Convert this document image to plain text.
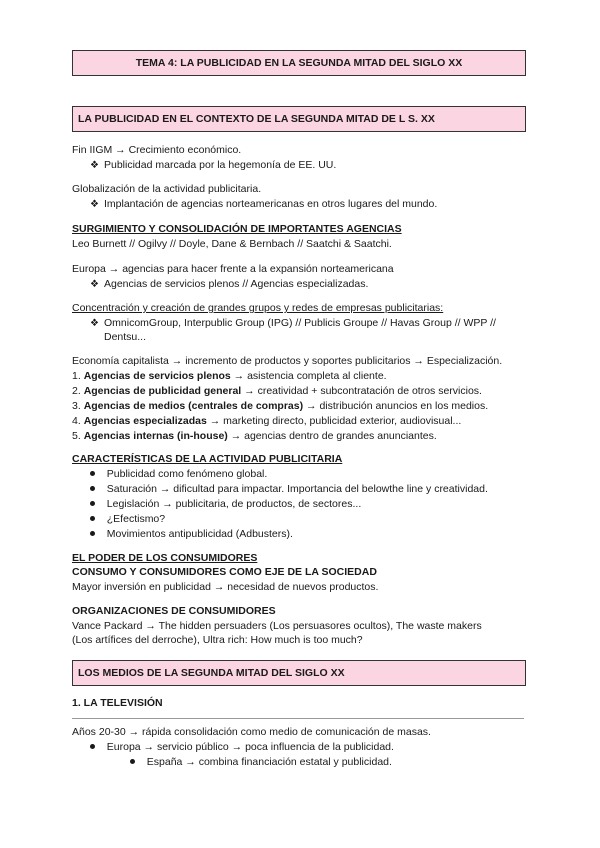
TEMA 4: LA PUBLICIDAD EN LA SEGUNDA MITAD DEL SIGLO XX
LA PUBLICIDAD EN EL CONTEXTO DE LA SEGUNDA MITAD DE L S. XX
Fin IIGM → Crecimiento económico.
❖ Publicidad marcada por la hegemonía de EE. UU.
Globalización de la actividad publicitaria.
❖ Implantación de agencias norteamericanas en otros lugares del mundo.
SURGIMIENTO Y CONSOLIDACIÓN DE IMPORTANTES AGENCIAS
Leo Burnett // Ogilvy // Doyle, Dane & Bernbach // Saatchi & Saatchi.
Europa → agencias para hacer frente a la expansión norteamericana
❖ Agencias de servicios plenos // Agencias especializadas.
Concentración y creación de grandes grupos y redes de empresas publicitarias:
❖ OmnicomGroup, Interpublic Group (IPG) // Publicis Groupe // Havas Group // WPP //
Dentsu...
Economía capitalista → incremento de productos y soportes publicitarios → Especialización.
1. Agencias de servicios plenos → asistencia completa al cliente.
2. Agencias de publicidad general → creatividad + subcontratación de otros servicios.
3. Agencias de medios (centrales de compras) → distribución anuncios en los medios.
4. Agencias especializadas → marketing directo, publicidad exterior, audiovisual...
5. Agencias internas (in-house) → agencias dentro de grandes anunciantes.
CARACTERÍSTICAS DE LA ACTIVIDAD PUBLICITARIA
Publicidad como fenómeno global.
Saturación → dificultad para impactar. Importancia del belowthe line y creatividad.
Legislación → publicitaria, de productos, de sectores...
¿Efectismo?
Movimientos antipublicidad (Adbusters).
EL PODER DE LOS CONSUMIDORES
CONSUMO Y CONSUMIDORES COMO EJE DE LA SOCIEDAD
Mayor inversión en publicidad → necesidad de nuevos productos.
ORGANIZACIONES DE CONSUMIDORES
Vance Packard → The hidden persuaders (Los persuasores ocultos), The waste makers
(Los artífices del derroche), Ultra rich: How much is too much?
LOS MEDIOS DE LA SEGUNDA MITAD DEL SIGLO XX
1. LA TELEVISIÓN
Años 20-30 → rápida consolidación como medio de comunicación de masas.
Europa → servicio público → poca influencia de la publicidad.
España → combina financiación estatal y publicidad.
